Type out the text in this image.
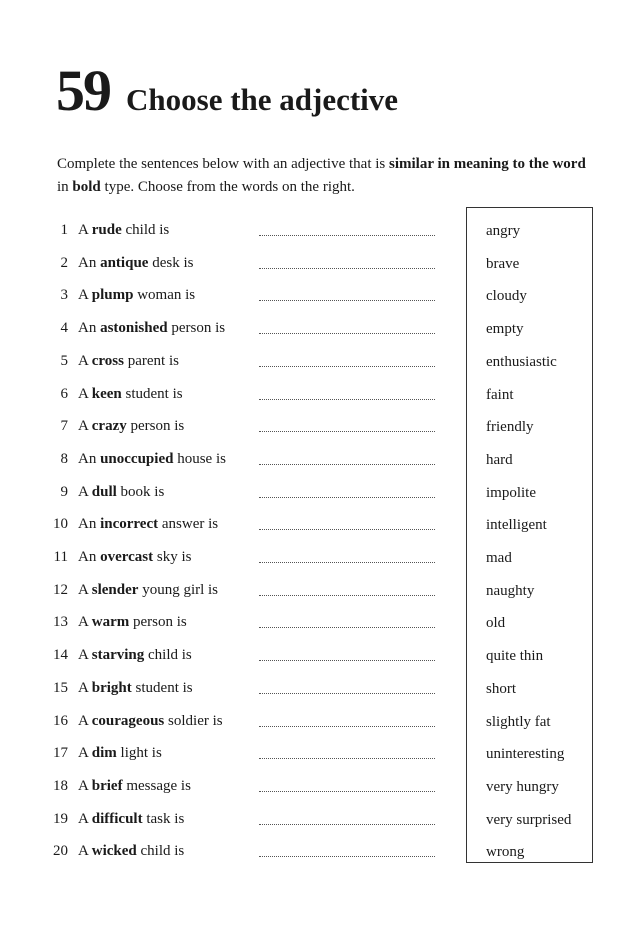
59 Choose the adjective
Complete the sentences below with an adjective that is similar in meaning to the word
in bold type. Choose from the words on the right.
1 A rude child is
2 An antique desk is
3 A plump woman is
4 An astonished person is
5 A cross parent is
6 A keen student is
7 A crazy person is
8 An unoccupied house is
9 A dull book is
10 An incorrect answer is
11 An overcast sky is
12 A slender young girl is
13 A warm person is
14 A starving child is
15 A bright student is
16 A courageous soldier is
17 A dim light is
18 A brief message is
19 A difficult task is
20 A wicked child is
angry
brave
cloudy
empty
enthusiastic
faint
friendly
hard
impolite
intelligent
mad
naughty
old
quite thin
short
slightly fat
uninteresting
very hungry
very surprised
wrong
